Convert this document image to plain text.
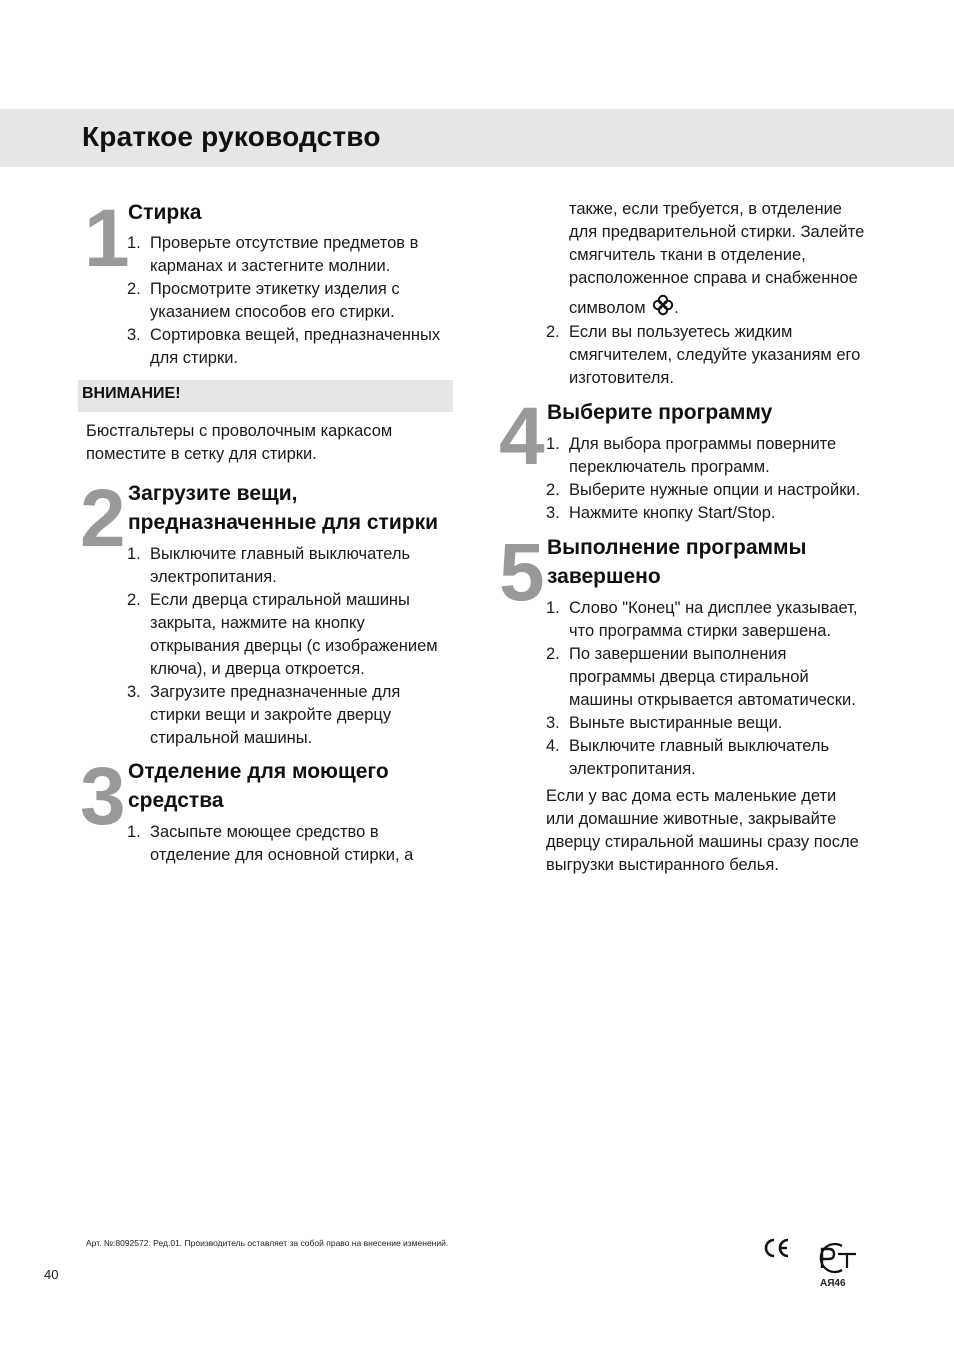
Краткое руководство
1 Стирка
1. Проверьте отсутствие предметов в
карманах и застегните молнии.
2. Просмотрите этикетку изделия с
указанием способов его стирки.
3. Сортировка вещей, предназначенных
для стирки.
ВНИМАНИЕ!
Бюстгальтеры с проволочным каркасом
поместите в сетку для стирки.
2 Загрузите вещи,
предназначенные для стирки
1. Выключите главный выключатель
электропитания.
2. Если дверца стиральной машины
закрыта, нажмите на кнопку
открывания дверцы (с изображением
ключа), и дверца откроется.
3. Загрузите предназначенные для
стирки вещи и закройте дверцу
стиральной машины.
3 Отделение для моющего
средства
1. Засыпьте моющее средство в
отделение для основной стирки, а
также, если требуется, в отделение
для предварительной стирки. Залейте
смягчитель ткани в отделение,
расположенное справа и снабженное
символом .
2. Если вы пользуетесь жидким
смягчителем, следуйте указаниям его
изготовителя.
4 Выберите программу
1. Для выбора программы поверните
переключатель программ.
2. Выберите нужные опции и настройки.
3. Нажмите кнопку Start/Stop.
5 Выполнение программы
завершено
1. Слово "Конец" на дисплее указывает,
что программа стирки завершена.
2. По завершении выполнения
программы дверца стиральной
машины открывается автоматически.
3. Выньте выстиранные вещи.
4. Выключите главный выключатель
электропитания.
Если у вас дома есть маленькие дети
или домашние животные, закрывайте
дверцу стиральной машины сразу после
выгрузки выстиранного белья.
Арт. №:8092572. Ред.01. Производитель оставляет за собой право на внесение изменений.
40
АЯ46
